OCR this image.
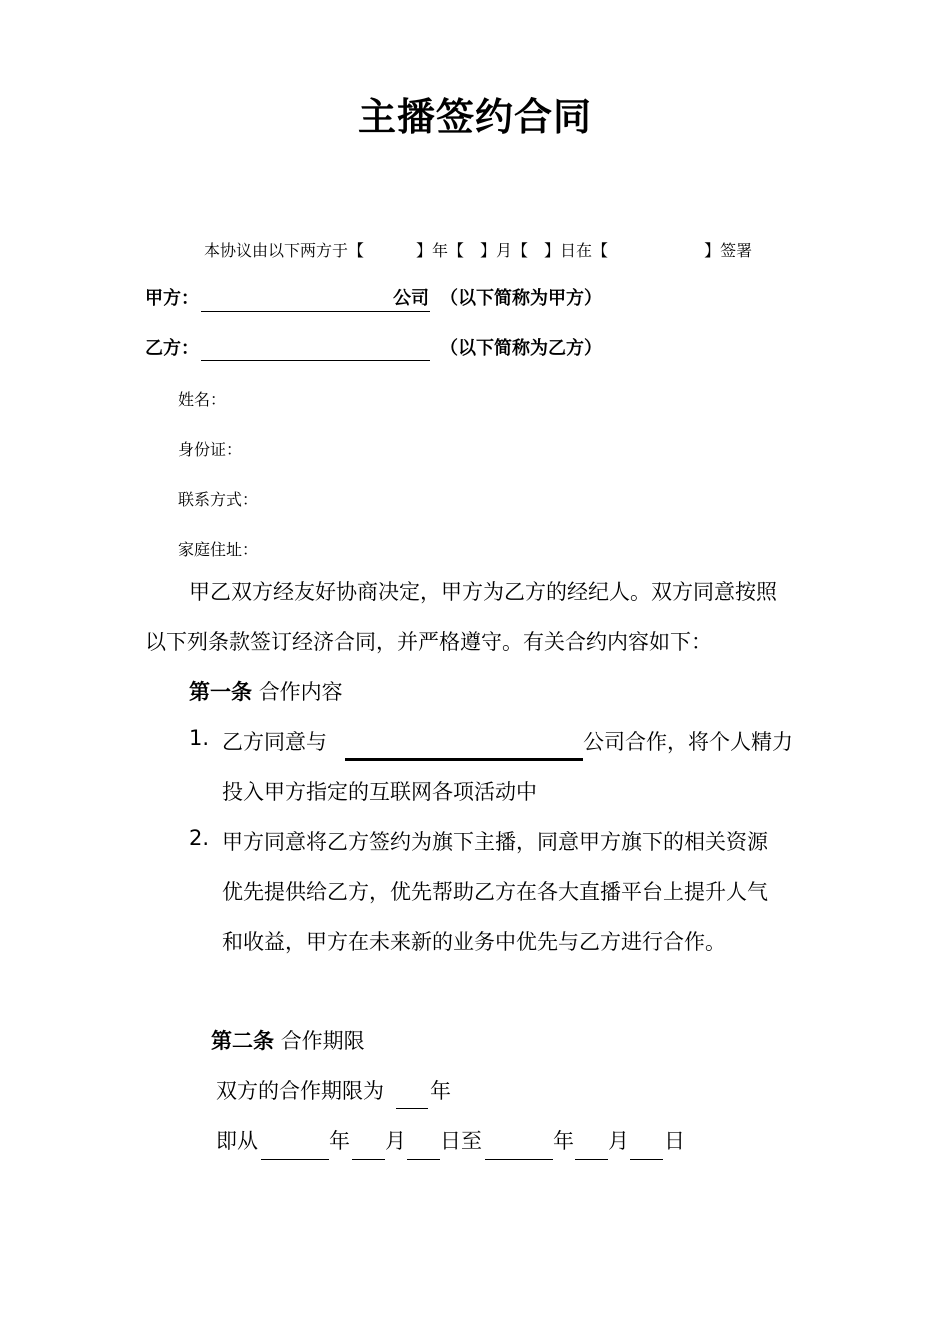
主播签约合同
本协议由以下两方于【	】年【 】月【 】日在【	】签署
甲方：	公司 （以下简称为甲方）
乙方：	（以下简称为乙方）
姓名：
身份证：
联系方式：
家庭住址：
甲乙双方经友好协商决定，甲方为乙方的经纪人。双方同意按照
以下列条款签订经济合同，并严格遵守。有关合约内容如下：
第一条 合作内容
1. 乙方同意与	公司合作，将个人精力
投入甲方指定的互联网各项活动中
2. 甲方同意将乙方签约为旗下主播，同意甲方旗下的相关资源
优先提供给乙方，优先帮助乙方在各大直播平台上提升人气
和收益，甲方在未来新的业务中优先与乙方进行合作。
第二条 合作期限
双方的合作期限为 年
即从	年 月 日至	年 月 日
